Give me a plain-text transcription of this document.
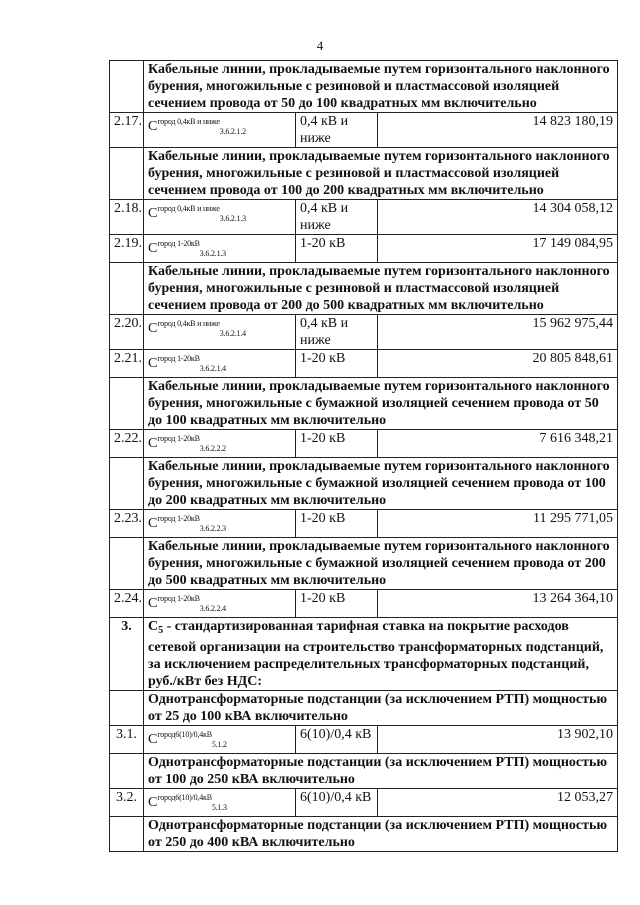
4
	Кабельные линии, прокладываемые путем горизонтального наклонного бурения, многожильные с резиновой и пластмассовой изоляцией сечением провода от 50 до 100 квадратных мм включительно		
2.17.	$C^{город 0,4кВ и ниже}_{3.6.2.1.2}$	0,4 кВ и ниже	14 823 180,19
	Кабельные линии, прокладываемые путем горизонтального наклонного бурения, многожильные с резиновой и пластмассовой изоляцией сечением провода от 100 до 200 квадратных мм включительно		
2.18.	$C^{город 0,4кВ и ниже}_{3.6.2.1.3}$	0,4 кВ и ниже	14 304 058,12
2.19.	$C^{город 1-20кВ}_{3.6.2.1.3}$	1-20 кВ	17 149 084,95
	Кабельные линии, прокладываемые путем горизонтального наклонного бурения, многожильные с резиновой и пластмассовой изоляцией сечением провода от 200 до 500 квадратных мм включительно		
2.20.	$C^{город 0,4кВ и ниже}_{3.6.2.1.4}$	0,4 кВ и ниже	15 962 975,44
2.21.	$C^{город 1-20кВ}_{3.6.2.1.4}$	1-20 кВ	20 805 848,61
	Кабельные линии, прокладываемые путем горизонтального наклонного бурения, многожильные с бумажной изоляцией сечением провода от 50 до 100 квадратных мм включительно		
2.22.	$C^{город 1-20кВ}_{3.6.2.2.2}$	1-20 кВ	7 616 348,21
	Кабельные линии, прокладываемые путем горизонтального наклонного бурения, многожильные с бумажной изоляцией сечением провода от 100 до 200 квадратных мм включительно		
2.23.	$C^{город 1-20кВ}_{3.6.2.2.3}$	1-20 кВ	11 295 771,05
	Кабельные линии, прокладываемые путем горизонтального наклонного бурения, многожильные с бумажной изоляцией сечением провода от 200 до 500 квадратных мм включительно		
2.24.	$C^{город 1-20кВ}_{3.6.2.2.4}$	1-20 кВ	13 264 364,10
3.	$C_5$ - стандартизированная тарифная ставка на покрытие расходов сетевой организации на строительство трансформаторных подстанций, за исключением распределительных трансформаторных подстанций, руб./кВт без НДС:		
	Однотрансформаторные подстанции (за исключением РТП) мощностью от 25 до 100 кВА включительно		
3.1.	$C^{город6(10)/0,4кВ}_{5.1.2}$	6(10)/0,4 кВ	13 902,10
	Однотрансформаторные подстанции (за исключением РТП) мощностью от 100 до 250 кВА включительно		
3.2.	$C^{город6(10)/0,4кВ}_{5.1.3}$	6(10)/0,4 кВ	12 053,27
	Однотрансформаторные подстанции (за исключением РТП) мощностью от 250 до 400 кВА включительно		
